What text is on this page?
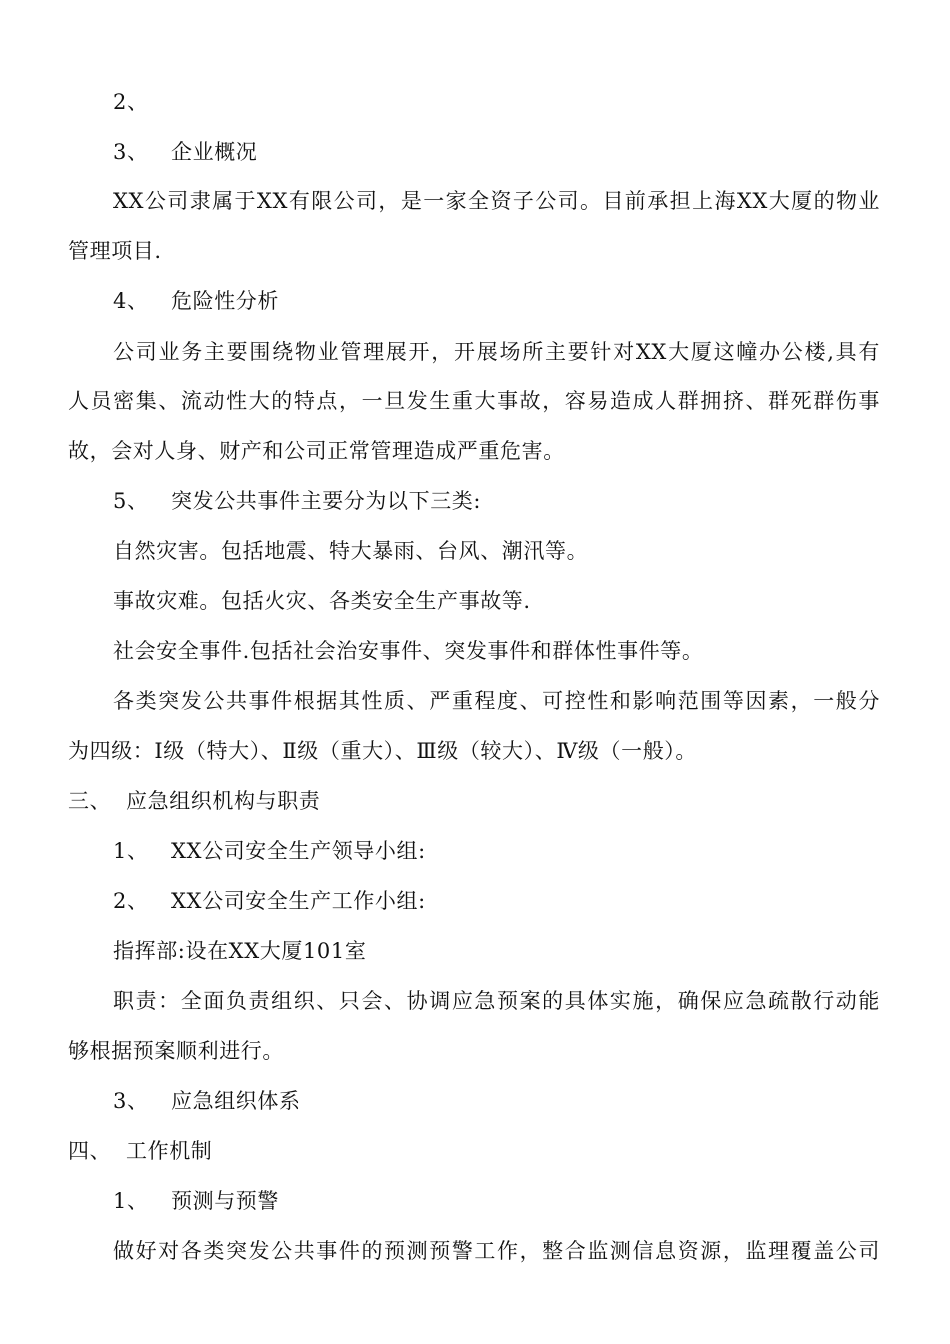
2、
3、 企业概况
XX公司隶属于XX有限公司，是一家全资子公司。目前承担上海XX大厦的物业
管理项目.
4、 危险性分析
公司业务主要围绕物业管理展开，开展场所主要针对XX大厦这幢办公楼,具有
人员密集、流动性大的特点，一旦发生重大事故，容易造成人群拥挤、群死群伤事
故，会对人身、财产和公司正常管理造成严重危害。
5、 突发公共事件主要分为以下三类:
自然灾害。包括地震、特大暴雨、台风、潮汛等。
事故灾难。包括火灾、各类安全生产事故等.
社会安全事件.包括社会治安事件、突发事件和群体性事件等。
各类突发公共事件根据其性质、严重程度、可控性和影响范围等因素，一般分
为四级：Ⅰ级（特大）、Ⅱ级（重大）、Ⅲ级（较大）、Ⅳ级（一般）。
三、 应急组织机构与职责
1、 XX公司安全生产领导小组:
2、 XX公司安全生产工作小组:
指挥部:设在XX大厦101室
职责：全面负责组织、只会、协调应急预案的具体实施，确保应急疏散行动能
够根据预案顺利进行。
3、 应急组织体系
四、 工作机制
1、 预测与预警
做好对各类突发公共事件的预测预警工作，整合监测信息资源，监理覆盖公司
